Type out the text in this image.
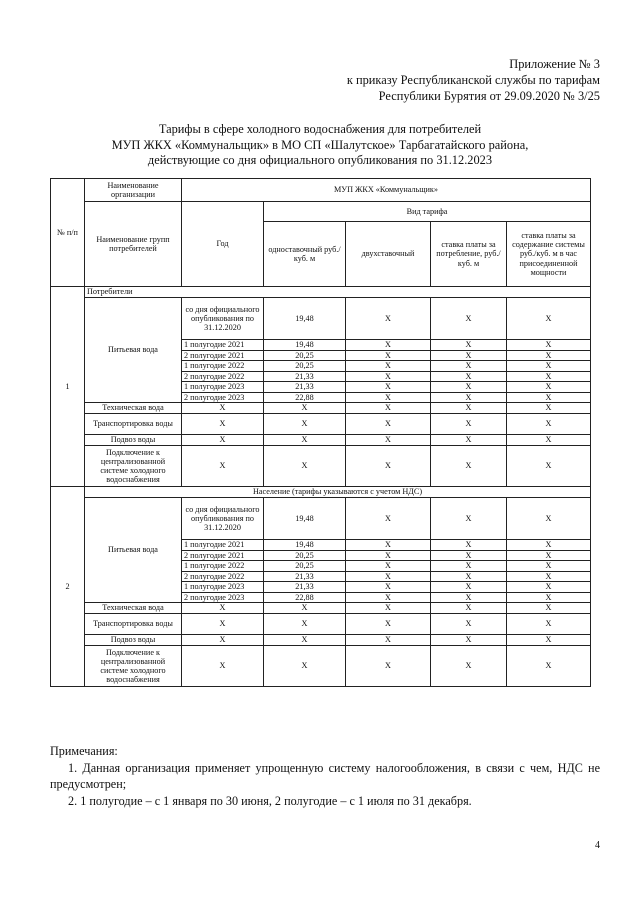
Приложение № 3
к приказу Республиканской службы по тарифам
Республики Бурятия от 29.09.2020 № 3/25
Тарифы в сфере холодного водоснабжения для потребителей
МУП ЖКХ «Коммунальщик» в МО СП «Шалутское» Тарбагатайского района,
действующие со дня официального опубликования по 31.12.2023
№ п/п	Наименование организации	МУП ЖКХ «Коммунальщик»				
	Наименование групп потребителей	Год	Вид тарифа			
			одноставочный руб./ куб. м	двухставочный	ставка платы за потребление, руб./ куб. м	ставка платы за содержание системы руб./куб. м в час присоединенной мощности
1	Потребители					
	Питьевая вода	со дня официального опубликования по 31.12.2020	19,48	X	X	X
		1 полугодие 2021	19,48	X	X	X
		2 полугодие 2021	20,25	X	X	X
		1 полугодие 2022	20,25	X	X	X
		2 полугодие 2022	21,33	X	X	X
		1 полугодие 2023	21,33	X	X	X
		2 полугодие 2023	22,88	X	X	X
	Техническая вода	X	X	X	X	X
	Транспортировка воды	X	X	X	X	X
	Подвоз воды	X	X	X	X	X
	Подключение к централизованной системе холодного водоснабжения	X	X	X	X	X
2	Население (тарифы указываются с учетом НДС)					
	Питьевая вода	со дня официального опубликования по 31.12.2020	19,48	X	X	X
		1 полугодие 2021	19,48	X	X	X
		2 полугодие 2021	20,25	X	X	X
		1 полугодие 2022	20,25	X	X	X
		2 полугодие 2022	21,33	X	X	X
		1 полугодие 2023	21,33	X	X	X
		2 полугодие 2023	22,88	X	X	X
	Техническая вода	X	X	X	X	X
	Транспортировка воды	X	X	X	X	X
	Подвоз воды	X	X	X	X	X
	Подключение к централизованной системе холодного водоснабжения	X	X	X	X	X
Примечания:
1. Данная организация применяет упрощенную систему налогообложения, в связи с чем, НДС не предусмотрен;
2. 1 полугодие – с 1 января по 30 июня, 2 полугодие – с 1 июля по 31 декабря.
4
